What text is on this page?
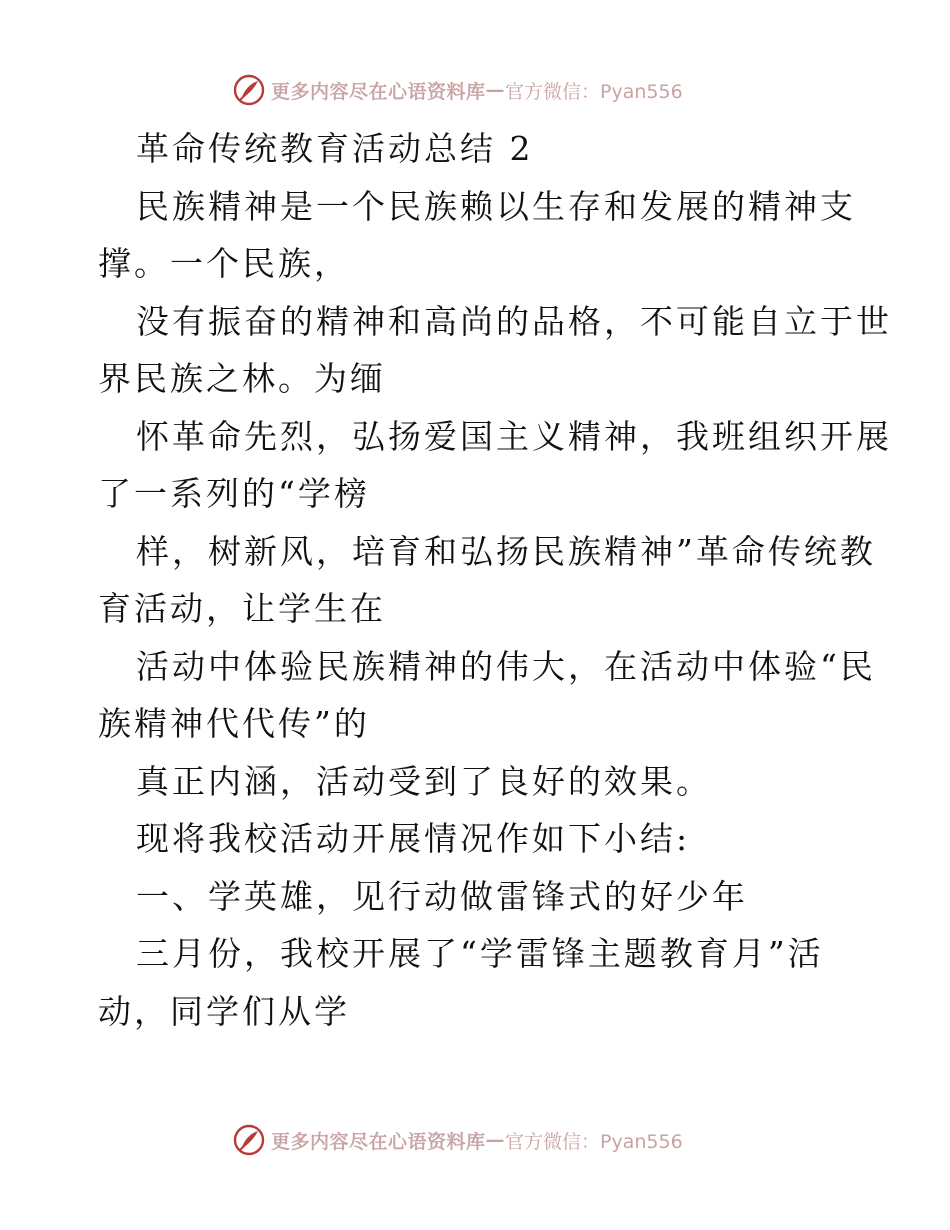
更多内容尽在心语资料库 — 官方微信：Pyan556
革命传统教育活动总结 2
民族精神是一个民族赖以生存和发展的精神支
撑。一个民族，
没有振奋的精神和高尚的品格，不可能自立于世
界民族之林。为缅
怀革命先烈，弘扬爱国主义精神，我班组织开展
了一系列的“学榜
样，树新风，培育和弘扬民族精神”革命传统教
育活动，让学生在
活动中体验民族精神的伟大，在活动中体验“民
族精神代代传”的
真正内涵，活动受到了良好的效果。
现将我校活动开展情况作如下小结:
一、学英雄，见行动做雷锋式的好少年
三月份，我校开展了“学雷锋主题教育月”活
动，同学们从学
更多内容尽在心语资料库 — 官方微信：Pyan556
